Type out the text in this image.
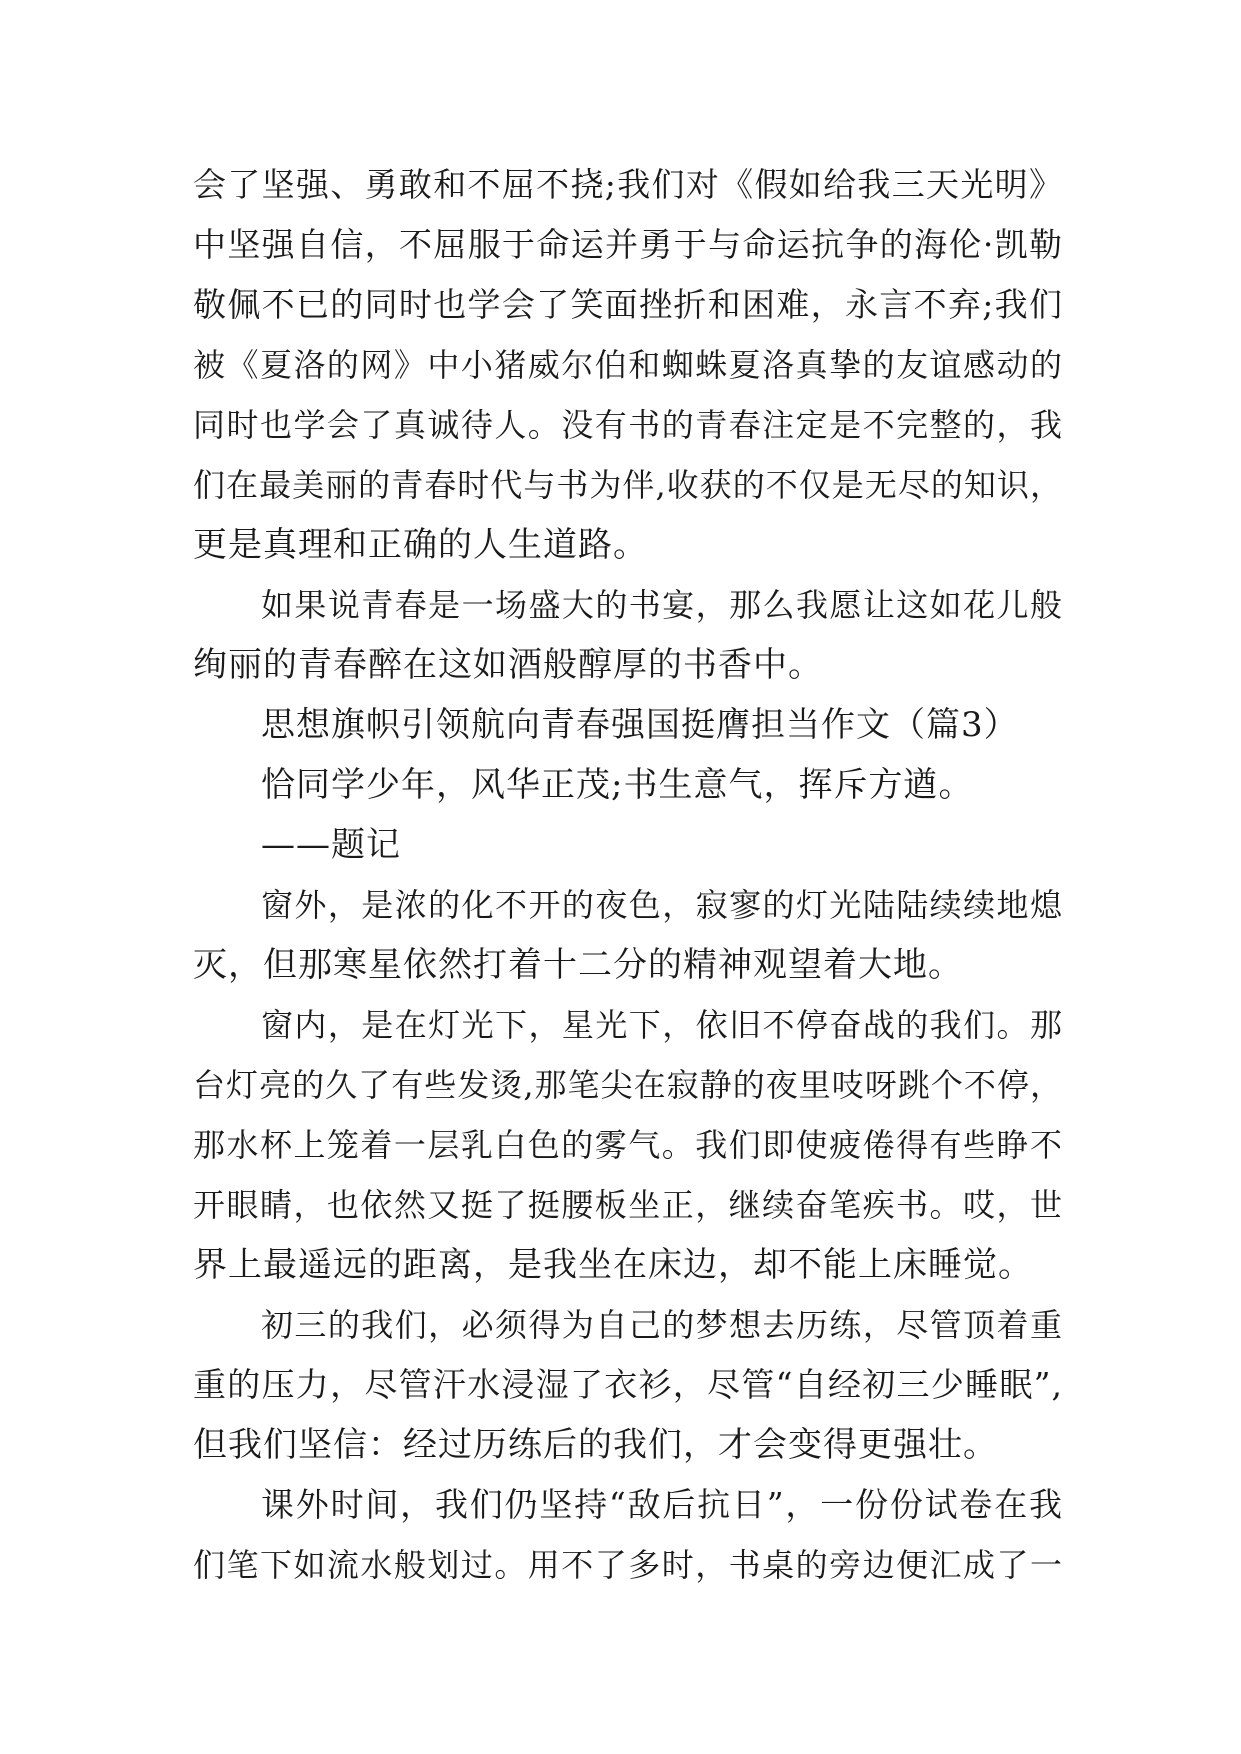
会了坚强、勇敢和不屈不挠;我们对《假如给我三天光明》
中坚强自信，不屈服于命运并勇于与命运抗争的海伦·凯勒
敬佩不已的同时也学会了笑面挫折和困难，永言不弃;我们
被《夏洛的网》中小猪威尔伯和蜘蛛夏洛真挚的友谊感动的
同时也学会了真诚待人。没有书的青春注定是不完整的，我
们在最美丽的青春时代与书为伴,收获的不仅是无尽的知识，
更是真理和正确的人生道路。
如果说青春是一场盛大的书宴，那么我愿让这如花儿般
绚丽的青春醉在这如酒般醇厚的书香中。
思想旗帜引领航向青春强国挺膺担当作文（篇3）
恰同学少年，风华正茂;书生意气，挥斥方遒。
——题记
窗外，是浓的化不开的夜色，寂寥的灯光陆陆续续地熄
灭，但那寒星依然打着十二分的精神观望着大地。
窗内，是在灯光下，星光下，依旧不停奋战的我们。那
台灯亮的久了有些发烫,那笔尖在寂静的夜里吱呀跳个不停，
那水杯上笼着一层乳白色的雾气。我们即使疲倦得有些睁不
开眼睛，也依然又挺了挺腰板坐正，继续奋笔疾书。哎，世
界上最遥远的距离，是我坐在床边，却不能上床睡觉。
初三的我们，必须得为自己的梦想去历练，尽管顶着重
重的压力，尽管汗水浸湿了衣衫，尽管“自经初三少睡眠”,
但我们坚信：经过历练后的我们，才会变得更强壮。
课外时间，我们仍坚持“敌后抗日”，一份份试卷在我
们笔下如流水般划过。用不了多时，书桌的旁边便汇成了一
